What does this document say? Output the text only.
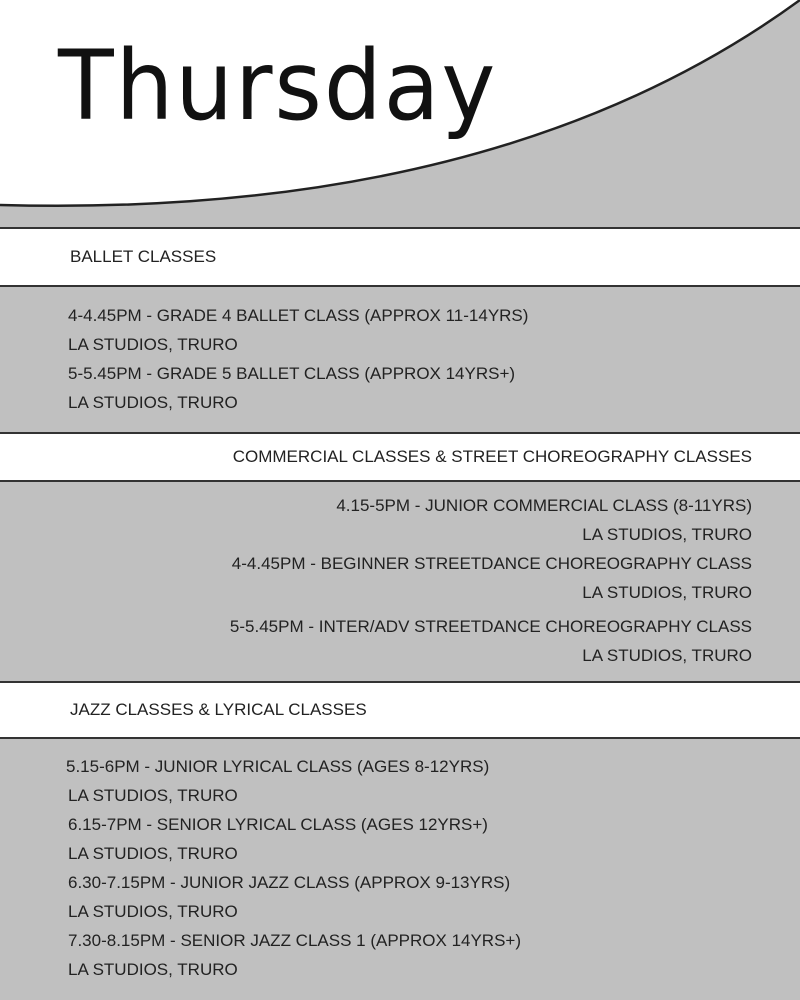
Thursday
BALLET CLASSES
4-4.45PM - GRADE 4 BALLET CLASS (APPROX 11-14YRS)
LA STUDIOS, TRURO
5-5.45PM - GRADE 5 BALLET CLASS (APPROX 14YRS+)
LA STUDIOS, TRURO
COMMERCIAL CLASSES & STREET CHOREOGRAPHY CLASSES
4.15-5PM - JUNIOR COMMERCIAL CLASS (8-11YRS)
LA STUDIOS, TRURO
4-4.45PM - BEGINNER STREETDANCE CHOREOGRAPHY CLASS
LA STUDIOS, TRURO
5-5.45PM - INTER/ADV STREETDANCE CHOREOGRAPHY CLASS
LA STUDIOS, TRURO
JAZZ CLASSES & LYRICAL CLASSES
5.15-6PM - JUNIOR LYRICAL CLASS (AGES 8-12YRS)
LA STUDIOS, TRURO
6.15-7PM - SENIOR LYRICAL CLASS (AGES 12YRS+)
LA STUDIOS, TRURO
6.30-7.15PM - JUNIOR JAZZ CLASS (APPROX 9-13YRS)
LA STUDIOS, TRURO
7.30-8.15PM - SENIOR JAZZ CLASS 1 (APPROX 14YRS+)
LA STUDIOS, TRURO
